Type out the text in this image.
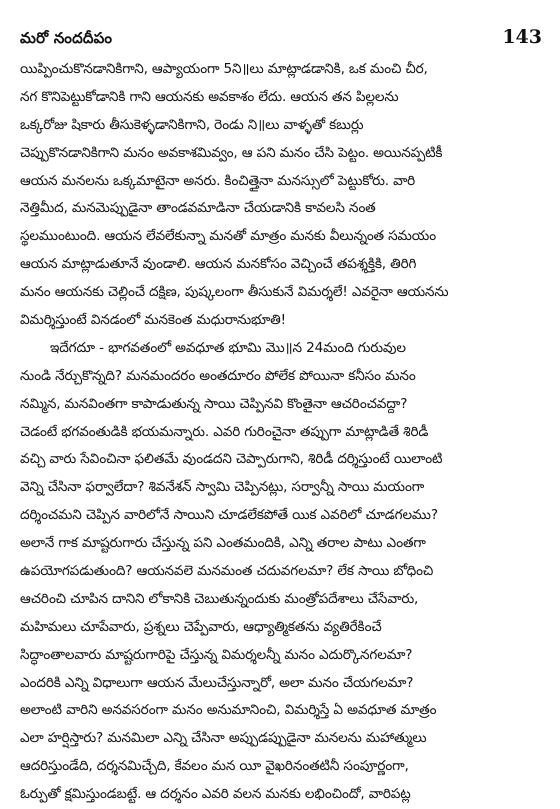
మరో నందదీపం	143
యిప్పించుకొనడానికిగాని, ఆప్యాయంగా 5ని॥లు మాట్లాడడానికి, ఒక మంచి చీర,
నగ కొనిపెట్టుకోడానికి గాని ఆయనకు అవకాశం లేదు. ఆయన తన పిల్లలను
ఒక్కరోజు షికారు తీసుకెళ్ళడానికిగాని, రెండు ని॥లు వాళ్ళతో కబుర్లు
చెప్పుకొనడానికిగాని మనం అవకాశమివ్వం, ఆ పని మనం చేసి పెట్టం. అయినప్పటికీ
ఆయన మనలను ఒక్కమాటైనా అనరు. కించిత్తైనా మనస్సులో పెట్టుకోరు. వారి
నెత్తిమీద, మనమెప్పుడైనా తాండవమాడినా చేయడానికి కావలసి నంత
స్థలముంటుంది. ఆయన లేవలేకున్నా మనతో మాత్రం మనకు వీలున్నంత సమయం
ఆయన మాట్లాడుతూనే వుండాలి. ఆయన మనకోసం వెచ్చించే తపశ్శక్తికి, తిరిగి
మనం ఆయనకు చెల్లించే దక్షిణ, పుష్కలంగా తీసుకునే విమర్శలే! ఎవరైనా ఆయనను
విమర్శిస్తుంటే వినడంలో మనకెంత మధురానుభూతి!
ఇదేగదూ - భాగవతంలో అవధూత భూమి మొ॥న 24మంది గురువుల
నుండి నేర్చుకొన్నది? మనమందరం అంతదూరం పోలేక పోయినా కనీసం మనం
నమ్మిన, మనవింతగా కాపాడుతున్న సాయి చెప్పినవి కొంతైనా ఆచరించవద్దా?
చెడంటే భగవంతుడికి భయమన్నారు. ఎవరి గురించైనా తప్పుగా మాట్లాడితే శిరిడీ
వచ్చి వారు సేవించినా ఫలితమే వుండదని చెప్పారుగాని, శిరిడీ దర్శిస్తుంటే యిలాంటి
వెన్ని చేసినా ఫర్వాలేదా? శివనేశన్ స్వామి చెప్పినట్లు, సర్వాన్నీ సాయి మయంగా
దర్శించమని చెప్పిన వారిలోనే సాయిని చూడలేకపోతే యిక ఎవరిలో చూడగలము?
అలానే గాక మాష్టరుగారు చేస్తున్న పని ఎంతమందికి, ఎన్ని తరాల పాటు ఎంతగా
ఉపయోగపడుతుంది? ఆయనవలె మనమంత చదువగలమా? లేక సాయి బోధించి
ఆచరించి చూపిన దానిని లోకానికి చెబుతున్నందుకు మంత్రోపదేశాలు చేసేవారు,
మహిమలు చూపేవారు, ప్రశ్నలు చెప్పేవారు, ఆధ్యాత్మికతను వ్యతిరేకించే
సిద్ధాంతాలవారు మాష్టరుగారిపై చేస్తున్న విమర్శలన్నీ మనం ఎదుర్కొనగలమా?
ఎందరికి ఎన్ని విధాలుగా ఆయన మేలుచేస్తున్నారో, అలా మనం చేయగలమా?
అలాంటి వారిని అనవసరంగా మనం అనుమానించి, విమర్శిస్తే ఏ అవధూత మాత్రం
ఎలా హర్షిస్తారు? మనమిలా ఎన్ని చేసినా అప్పుడప్పుడైనా మనలను మహాత్ములు
ఆదరిస్తుండేది, దర్శనమిచ్చేది, కేవలం మన యీ వైఖరినంతటినీ సంపూర్ణంగా,
ఓర్పుతో క్షమిస్తుండబట్టే. ఆ దర్శనం ఎవరి వలన మనకు లభించిందో, వారిపట్ల
